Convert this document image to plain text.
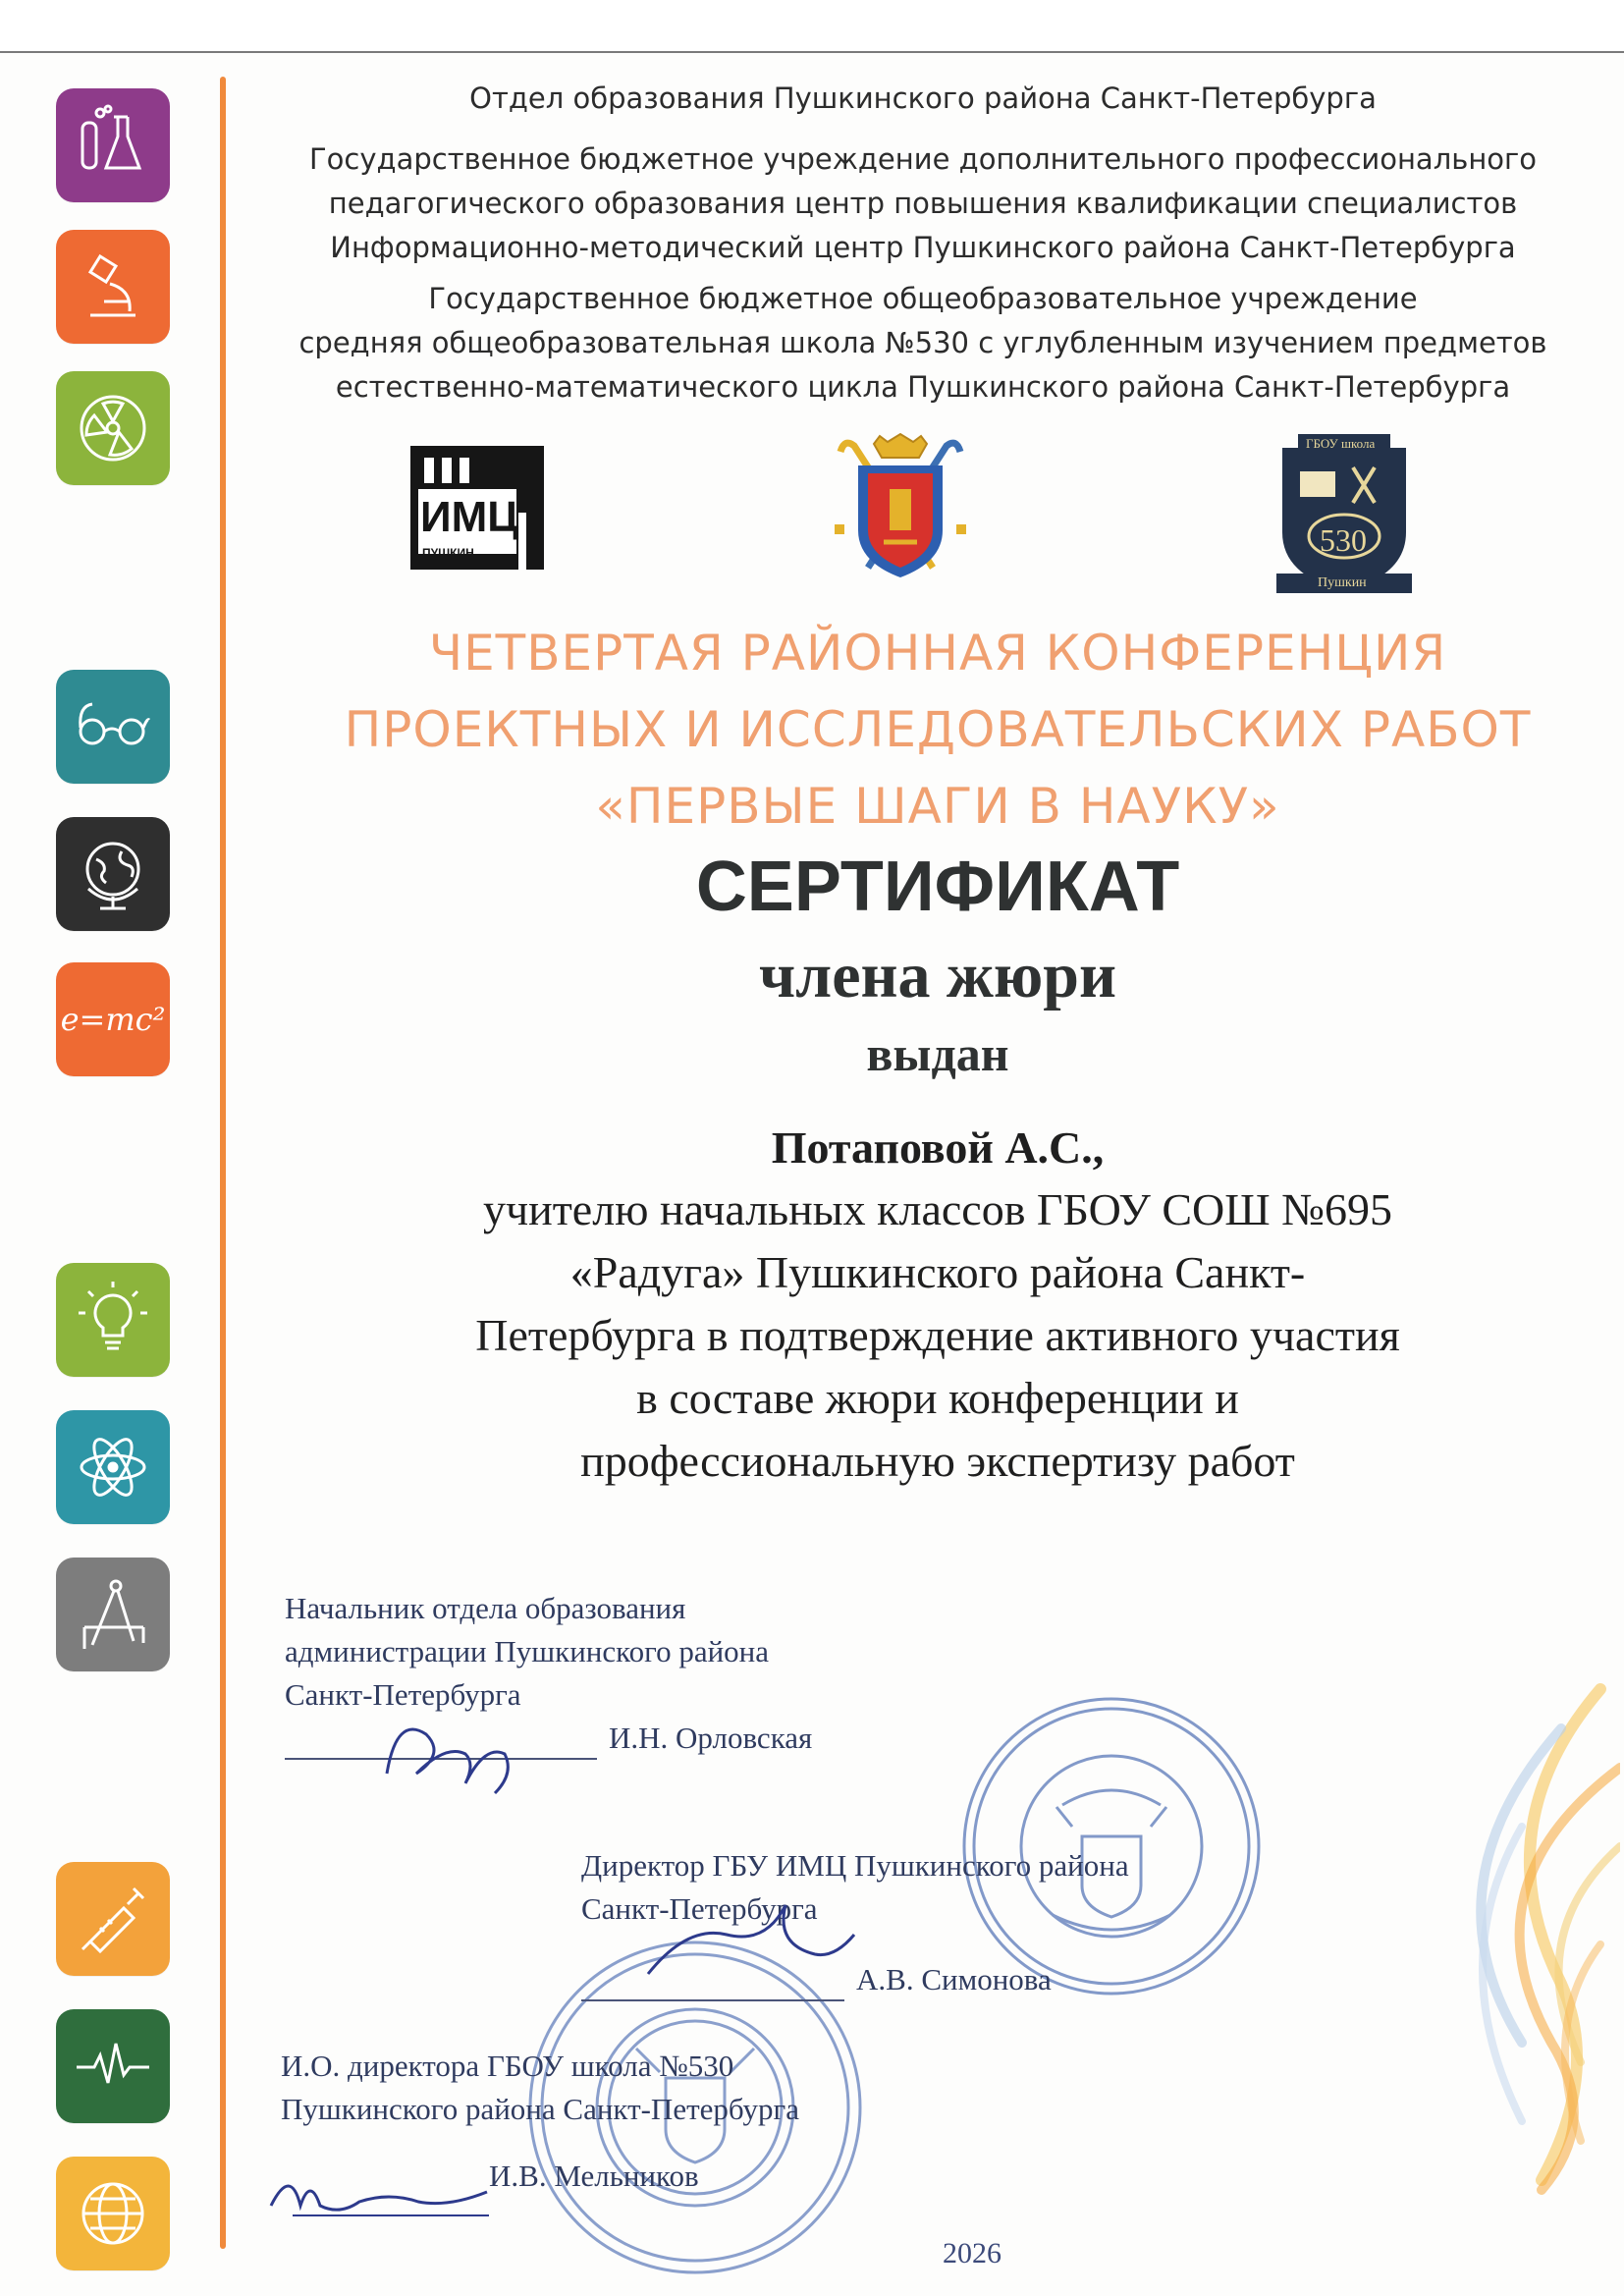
e=mc²
Отдел образования Пушкинского района Санкт-Петербурга
Государственное бюджетное учреждение дополнительного профессионального
педагогического образования центр повышения квалификации специалистов
Информационно-методический центр Пушкинского района Санкт-Петербурга
Государственное бюджетное общеобразовательное учреждение
средняя общеобразовательная школа №530 с углубленным изучением предметов
естественно-математического цикла Пушкинского района Санкт-Петербурга
ИМЦ
ПУШКИН
ГБОУ школа
530
Пушкин
ЧЕТВЕРТАЯ РАЙОННАЯ КОНФЕРЕНЦИЯ
ПРОЕКТНЫХ И ИССЛЕДОВАТЕЛЬСКИХ РАБОТ
«ПЕРВЫЕ ШАГИ В НАУКУ»
СЕРТИФИКАТ
члена жюри
выдан
Потаповой А.С.,
учителю начальных классов ГБОУ СОШ №695
«Радуга» Пушкинского района Санкт-
Петербурга в подтверждение активного участия
в составе жюри конференции и
профессиональную экспертизу работ
Начальник отдела образования
администрации Пушкинского района
Санкт-Петербурга
И.Н. Орловская
Директор ГБУ ИМЦ Пушкинского района
Санкт-Петербурга
А.В. Симонова
И.О. директора ГБОУ школа №530
Пушкинского района Санкт-Петербурга
И.В. Мельников
2026
